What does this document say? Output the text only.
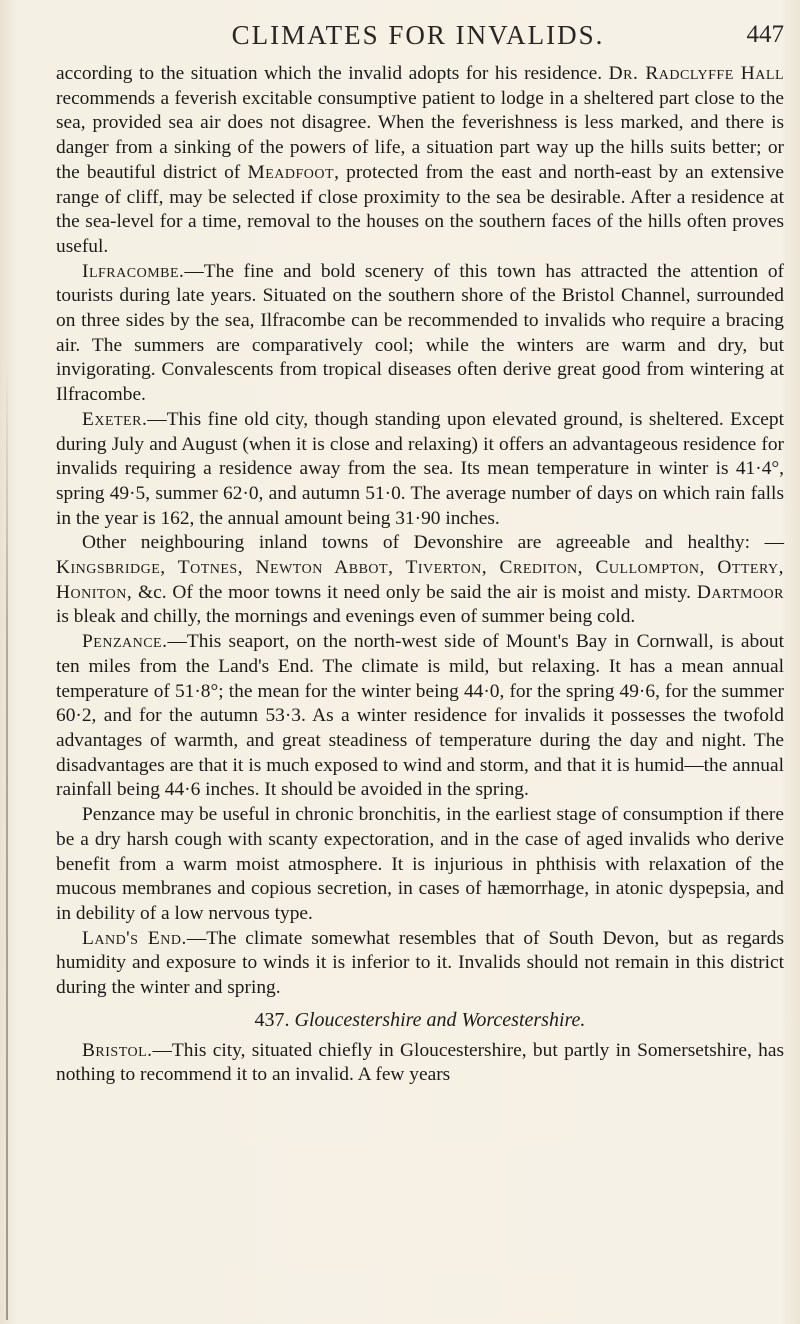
CLIMATES FOR INVALIDS.	447

according to the situation which the invalid adopts for his residence. Dr. Radclyffe Hall recommends a feverish excitable consumptive patient to lodge in a sheltered part close to the sea, provided sea air does not disagree. When the feverishness is less marked, and there is danger from a sinking of the powers of life, a situation part way up the hills suits better; or the beautiful district of Meadfoot, protected from the east and north-east by an extensive range of cliff, may be selected if close proximity to the sea be desirable. After a residence at the sea-level for a time, removal to the houses on the southern faces of the hills often proves useful.

Ilfracombe.—The fine and bold scenery of this town has attracted the attention of tourists during late years. Situated on the southern shore of the Bristol Channel, surrounded on three sides by the sea, Ilfracombe can be recommended to invalids who require a bracing air. The summers are comparatively cool; while the winters are warm and dry, but invigorating. Convalescents from tropical diseases often derive great good from wintering at Ilfracombe.

Exeter.—This fine old city, though standing upon elevated ground, is sheltered. Except during July and August (when it is close and relaxing) it offers an advantageous residence for invalids requiring a residence away from the sea. Its mean temperature in winter is 41·4°, spring 49·5, summer 62·0, and autumn 51·0. The average number of days on which rain falls in the year is 162, the annual amount being 31·90 inches.

Other neighbouring inland towns of Devonshire are agreeable and healthy: — Kingsbridge, Totnes, Newton Abbot, Tiverton, Crediton, Cullompton, Ottery, Honiton, &c. Of the moor towns it need only be said the air is moist and misty. Dartmoor is bleak and chilly, the mornings and evenings even of summer being cold.

Penzance.—This seaport, on the north-west side of Mount's Bay in Cornwall, is about ten miles from the Land's End. The climate is mild, but relaxing. It has a mean annual temperature of 51·8°; the mean for the winter being 44·0, for the spring 49·6, for the summer 60·2, and for the autumn 53·3. As a winter residence for invalids it possesses the twofold advantages of warmth, and great steadiness of temperature during the day and night. The disadvantages are that it is much exposed to wind and storm, and that it is humid—the annual rainfall being 44·6 inches. It should be avoided in the spring.

Penzance may be useful in chronic bronchitis, in the earliest stage of consumption if there be a dry harsh cough with scanty expectoration, and in the case of aged invalids who derive benefit from a warm moist atmosphere. It is injurious in phthisis with relaxation of the mucous membranes and copious secretion, in cases of hæmorrhage, in atonic dyspepsia, and in debility of a low nervous type.

Land's End.—The climate somewhat resembles that of South Devon, but as regards humidity and exposure to winds it is inferior to it. Invalids should not remain in this district during the winter and spring.

437. Gloucestershire and Worcestershire.

Bristol.—This city, situated chiefly in Gloucestershire, but partly in Somersetshire, has nothing to recommend it to an invalid. A few years
